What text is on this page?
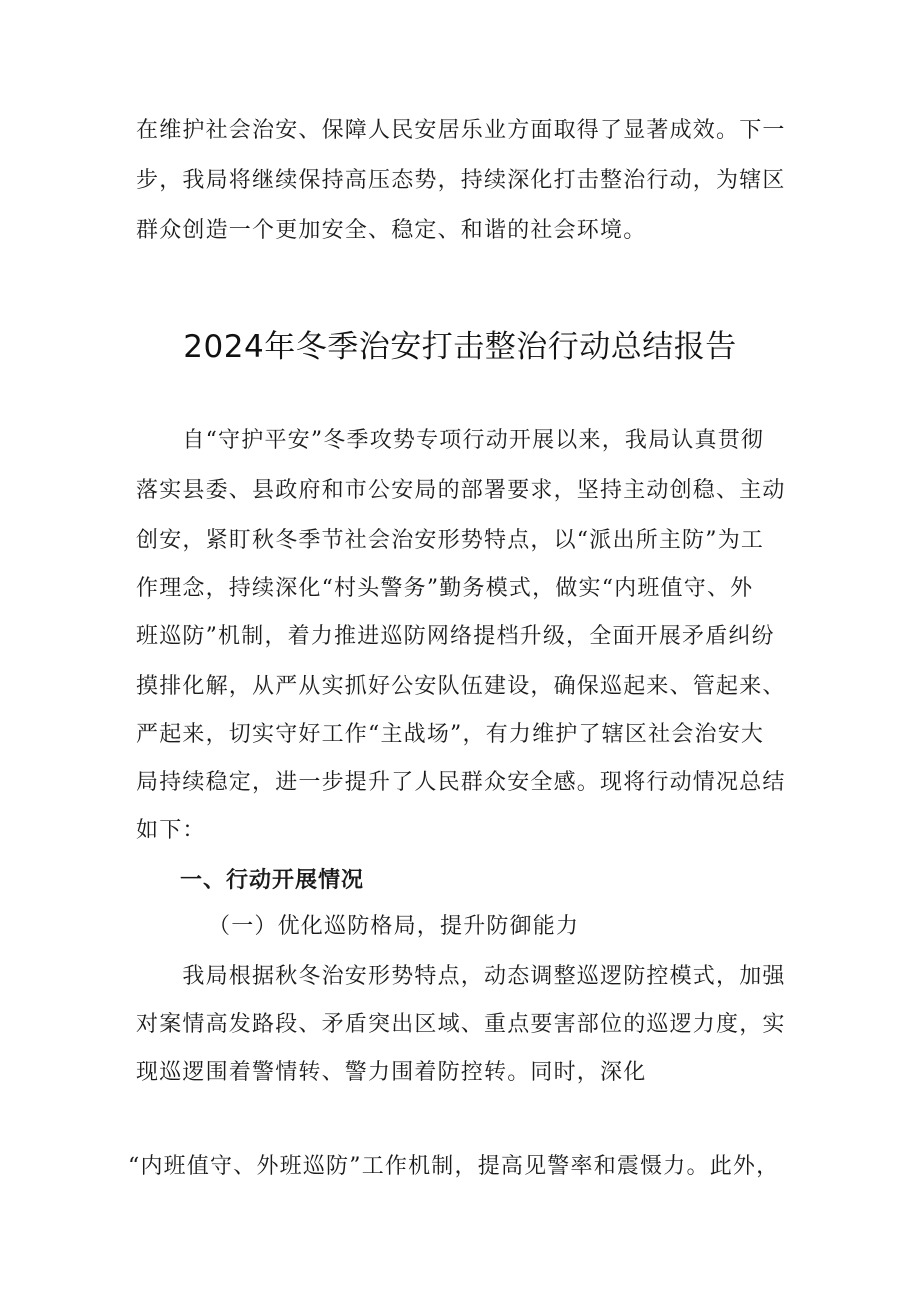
在维护社会治安、保障人民安居乐业方面取得了显著成效。下一
步，我局将继续保持高压态势，持续深化打击整治行动，为辖区
群众创造一个更加安全、稳定、和谐的社会环境。
2024年冬季治安打击整治行动总结报告
　　自“守护平安”冬季攻势专项行动开展以来，我局认真贯彻
落实县委、县政府和市公安局的部署要求，坚持主动创稳、主动
创安，紧盯秋冬季节社会治安形势特点，以“派出所主防”为工
作理念，持续深化“村头警务”勤务模式，做实“内班值守、外
班巡防”机制，着力推进巡防网络提档升级，全面开展矛盾纠纷
摸排化解，从严从实抓好公安队伍建设，确保巡起来、管起来、
严起来，切实守好工作“主战场”，有力维护了辖区社会治安大
局持续稳定，进一步提升了人民群众安全感。现将行动情况总结
如下：
一、行动开展情况
（一）优化巡防格局，提升防御能力
　　我局根据秋冬治安形势特点，动态调整巡逻防控模式，加强
对案情高发路段、矛盾突出区域、重点要害部位的巡逻力度，实
现巡逻围着警情转、警力围着防控转。同时，深化
“内班值守、外班巡防”工作机制，提高见警率和震慑力。此外，
